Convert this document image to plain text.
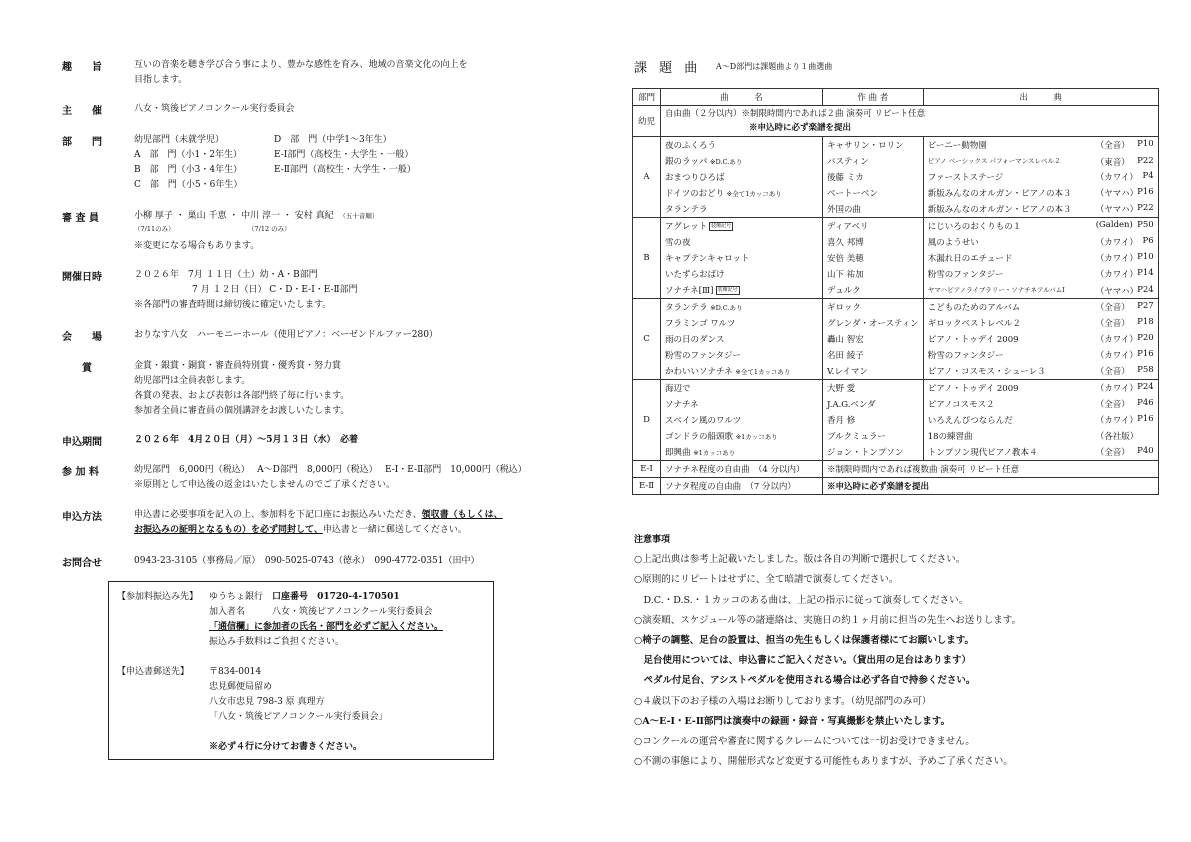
趣　　旨	互いの音楽を聴き学び合う事により、豊かな感性を育み、地域の音楽文化の向上を
目指します。
主　　催	八女・筑後ピアノコンクール実行委員会
部　　門	幼児部門（未就学児）
A　部　門（小1・2年生）
B　部　門（小3・4年生）
C　部　門（小5・6年生）
D　部　門（中学1～3年生）
E-Ⅰ部門（高校生・大学生・一般）
E-Ⅱ部門（高校生・大学生・一般）
審 査 員	小柳 厚子 ・ 巣山 千恵 ・ 中川 淳一 ・ 安村 真紀　 （五十音順）
（7/11のみ）	（7/12 のみ）
※変更になる場合もあります。
開催日時	２０２６年　7月 １１日（土）幼・A・B部門
7 月 １２日（日） C・D・E-Ⅰ・E-Ⅱ部門
※各部門の審査時間は締切後に確定いたします。
会　　場	おりなす八女　ハーモニーホール（使用ピアノ：ベーゼンドルファー280）
賞	金賞・銀賞・銅賞・審査員特別賞・優秀賞・努力賞
幼児部門は全員表彰します。
各賞の発表、および表彰は各部門終了毎に行います。
参加者全員に審査員の個別講評をお渡しいたします。
申込期間	２０２６年　4月２０日（月）～5月１３日（水）　必着
参 加 料	幼児部門　6,000円（税込）　 A～D部門　8,000円（税込）　 E-Ⅰ・E-Ⅱ部門　10,000円（税込）
※原則として申込後の返金はいたしませんのでご了承ください。
申込方法	申込書に必要事項を記入の上、参加料を下記口座にお振込みいただき、領収書（もしくは、
お振込みの証明となるもの）を必ず同封して、申込書と一緒に郵送してください。
お問合せ	0943-23-3105（事務局／原）　090-5025-0743（徳永）　090-4772-0351（田中）
【参加料振込み先】 ゆうちょ銀行　 口座番号　 01720-4-170501
加入者名　　　	八女・筑後ピアノコンクール実行委員会
「通信欄」に参加者の氏名・部門を必ずご記入ください。
振込み手数料はご負担ください。
【申込書郵送先】 〒834-0014
忠見郵便局留め
八女市忠見 798-3 原 真理方
「八女・筑後ピアノコンクール実行委員会」
※必ず４行に分けてお書きください。
課 題 曲 A～D部門は課題曲より１曲選曲
部門	曲　　　名	作 曲 者	出　　　典
幼児	自由曲（２分以内）※制限時間内であれば２曲 演奏可 リピート任意
※申込時に必ず楽譜を提出		

A	夜のふくろう	キャサリン・ロリン	ビーニー動物園 （全音） P10

	銀のラッパ ※D.C.あり	バスティン	ピアノ ベーシックス パフォーマンスレベル２ （東音） P22

	おまつりひろば	後藤 ミカ	ファーストステージ （カワイ） P4

	ドイツのおどり ※全て1カッコあり	ベートーベン	新版みんなのオルガン・ピアノの本３ （ヤマハ） P16

	タランテラ	外国の曲	新版みんなのオルガン・ピアノの本３ （ヤマハ） P22

B	アグレット 装飾記号	ディアベリ	にじいろのおくりもの１ (Galden) P50

	雪の夜	喜久 邦博	風のようせい （カワイ） P6

	キャプテンキャロット	安倍 美穂	木漏れ日のエチュード （カワイ） P10

	いたずらおばけ	山下 祐加	粉雪のファンタジー （カワイ） P14

	ソナチネ[Ⅲ] 装飾記号	デュルク	ヤマハピアノライブラリー・ソナチネアルバムⅠ （ヤマハ） P24

C	タランテラ ※D.C.あり	ギロック	こどものためのアルバム （全音） P27

	フラミンゴ ワルツ	グレンダ・オースティン	ギロックベストレベル２ （全音） P18

	雨の日のダンス	轟山 智宏	ピアノ・トゥデイ 2009 （カワイ） P20

	粉雪のファンタジー	名田 綾子	粉雪のファンタジー （カワイ） P16

	かわいいソナチネ ※全て1カッコあり	V.レイマン	ピアノ・コスモス・シューレ３ （全音） P58

D	海辺で	大野 愛	ピアノ・トゥデイ 2009 （カワイ） P24

	ソナチネ	J.A.G.ベンダ	ピアノコスモス２ （全音） P46

	スペイン風のワルツ	香月 修	いろえんぴつならんだ （カワイ） P16

	ゴンドラの船頭歌 ※1カッコあり	ブルクミュラー	18の練習曲 （各社版）

	即興曲 ※1カッコあり	ジョン・トンプソン	トンプソン現代ピアノ教本４ （全音） P40

E-Ⅰ	ソナチネ程度の自由曲　（4 分以内）	※制限時間内であれば複数曲 演奏可 リピート任意	
E-Ⅱ	ソナタ程度の自由曲　（7 分以内）	※申込時に必ず楽譜を提出	
注意事項
○上記出典は参考上記載いたしました。版は各自の判断で選択してください。
○原則的にリピートはせずに、全て暗譜で演奏してください。
　D.C.・D.S.・１カッコのある曲は、上記の指示に従って演奏してください。
○演奏順、スケジュール等の諸連絡は、実施日の約１ヶ月前に担当の先生へお送りします。
○椅子の調整、足台の設置は、担当の先生もしくは保護者様にてお願いします。
　足台使用については、申込書にご記入ください。（貸出用の足台はあります）
　ペダル付足台、アシストペダルを使用される場合は必ず各自で持参ください。
○４歳以下のお子様の入場はお断りしております。（幼児部門のみ可）
○A～E-Ⅰ・E-Ⅱ部門は演奏中の録画・録音・写真撮影を禁止いたします。
○コンクールの運営や審査に関するクレームについては一切お受けできません。
○不測の事態により、開催形式など変更する可能性もありますが、予めご了承ください。
